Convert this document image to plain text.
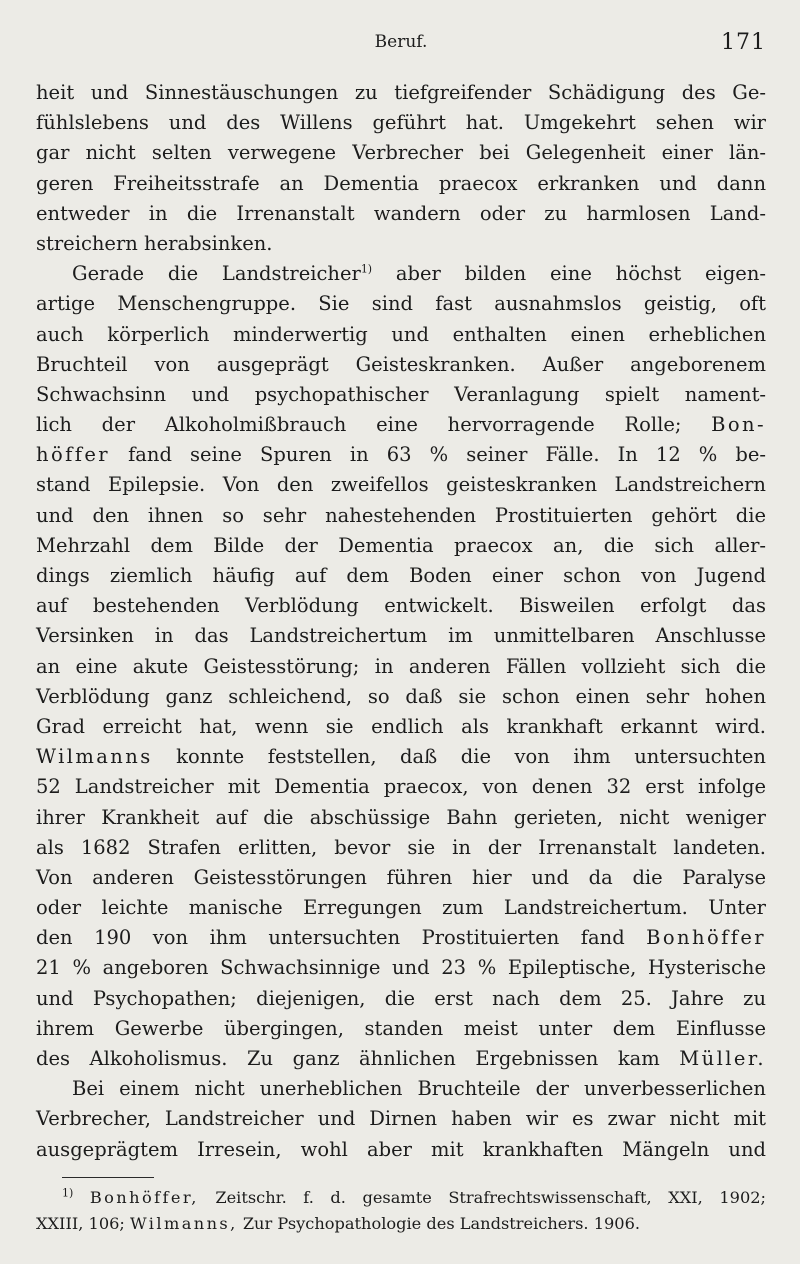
Beruf.	171
heit und Sinnestäuschungen zu tiefgreifender Schädigung des Ge-
fühlslebens und des Willens geführt hat. Umgekehrt sehen wir
gar nicht selten verwegene Verbrecher bei Gelegenheit einer län-
geren Freiheitsstrafe an Dementia praecox erkranken und dann
entweder in die Irrenanstalt wandern oder zu harmlosen Land-
streichern herabsinken.
Gerade die Landstreicher$^{1)}$ aber bilden eine höchst eigen-
artige Menschengruppe. Sie sind fast ausnahmslos geistig, oft
auch körperlich minderwertig und enthalten einen erheblichen
Bruchteil von ausgeprägt Geisteskranken. Außer angeborenem
Schwachsinn und psychopathischer Veranlagung spielt nament-
lich der Alkoholmißbrauch eine hervorragende Rolle; Bon-
höffer fand seine Spuren in 63 % seiner Fälle. In 12 % be-
stand Epilepsie. Von den zweifellos geisteskranken Landstreichern
und den ihnen so sehr nahestehenden Prostituierten gehört die
Mehrzahl dem Bilde der Dementia praecox an, die sich aller-
dings ziemlich häufig auf dem Boden einer schon von Jugend
auf bestehenden Verblödung entwickelt. Bisweilen erfolgt das
Versinken in das Landstreichertum im unmittelbaren Anschlusse
an eine akute Geistesstörung; in anderen Fällen vollzieht sich die
Verblödung ganz schleichend, so daß sie schon einen sehr hohen
Grad erreicht hat, wenn sie endlich als krankhaft erkannt wird.
Wilmanns konnte feststellen, daß die von ihm untersuchten
52 Landstreicher mit Dementia praecox, von denen 32 erst infolge
ihrer Krankheit auf die abschüssige Bahn gerieten, nicht weniger
als 1682 Strafen erlitten, bevor sie in der Irrenanstalt landeten.
Von anderen Geistesstörungen führen hier und da die Paralyse
oder leichte manische Erregungen zum Landstreichertum. Unter
den 190 von ihm untersuchten Prostituierten fand Bonhöffer
21 % angeboren Schwachsinnige und 23 % Epileptische, Hysterische
und Psychopathen; diejenigen, die erst nach dem 25. Jahre zu
ihrem Gewerbe übergingen, standen meist unter dem Einflusse
des Alkoholismus. Zu ganz ähnlichen Ergebnissen kam Müller.
Bei einem nicht unerheblichen Bruchteile der unverbesserlichen
Verbrecher, Landstreicher und Dirnen haben wir es zwar nicht mit
ausgeprägtem Irresein, wohl aber mit krankhaften Mängeln und
$^{1)}$ Bonhöffer, Zeitschr. f. d. gesamte Strafrechtswissenschaft, XXI, 1902;
XXIII, 106; Wilmanns, Zur Psychopathologie des Landstreichers. 1906.
